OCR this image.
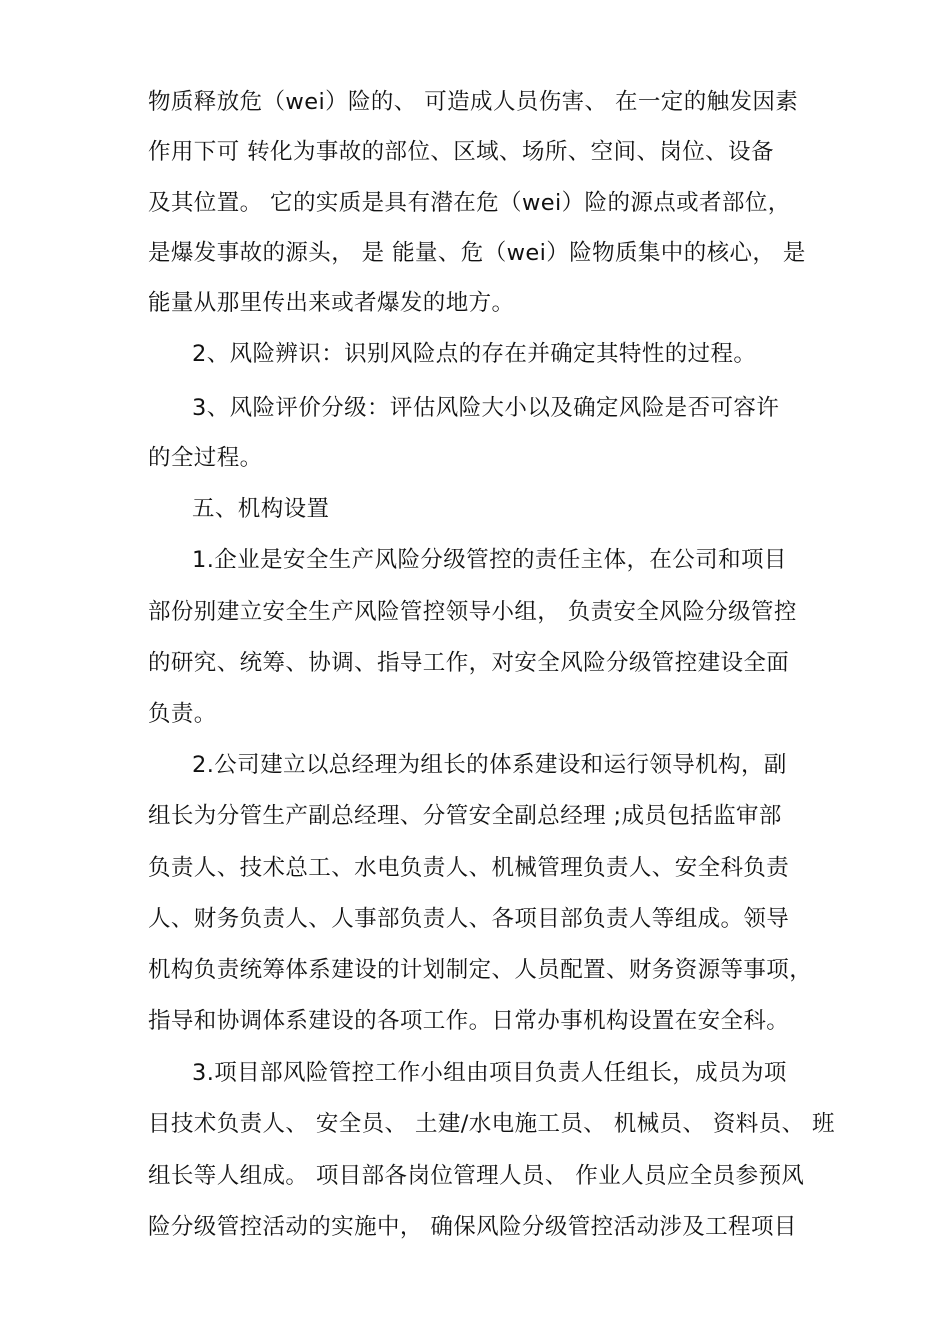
物质释放危（wei）险的、 可造成人员伤害、 在一定的触发因素
作用下可 转化为事故的部位、区域、场所、空间、岗位、设备
及其位置。 它的实质是具有潜在危（wei）险的源点或者部位，
是爆发事故的源头， 是 能量、危（wei）险物质集中的核心， 是
能量从那里传出来或者爆发的地方。
2、风险辨识：识别风险点的存在并确定其特性的过程。
3、风险评价分级：评估风险大小以及确定风险是否可容许
的全过程。
五、机构设置
1.企业是安全生产风险分级管控的责任主体，在公司和项目
部份别建立安全生产风险管控领导小组， 负责安全风险分级管控
的研究、统筹、协调、指导工作，对安全风险分级管控建设全面
负责。
2.公司建立以总经理为组长的体系建设和运行领导机构，副
组长为分管生产副总经理、分管安全副总经理 ;成员包括监审部
负责人、技术总工、水电负责人、机械管理负责人、安全科负责
人、财务负责人、人事部负责人、各项目部负责人等组成。领导
机构负责统筹体系建设的计划制定、人员配置、财务资源等事项，
指导和协调体系建设的各项工作。日常办事机构设置在安全科。
3.项目部风险管控工作小组由项目负责人任组长，成员为项
目技术负责人、 安全员、 土建/水电施工员、 机械员、 资料员、 班
组长等人组成。 项目部各岗位管理人员、 作业人员应全员参预风
险分级管控活动的实施中， 确保风险分级管控活动涉及工程项目
